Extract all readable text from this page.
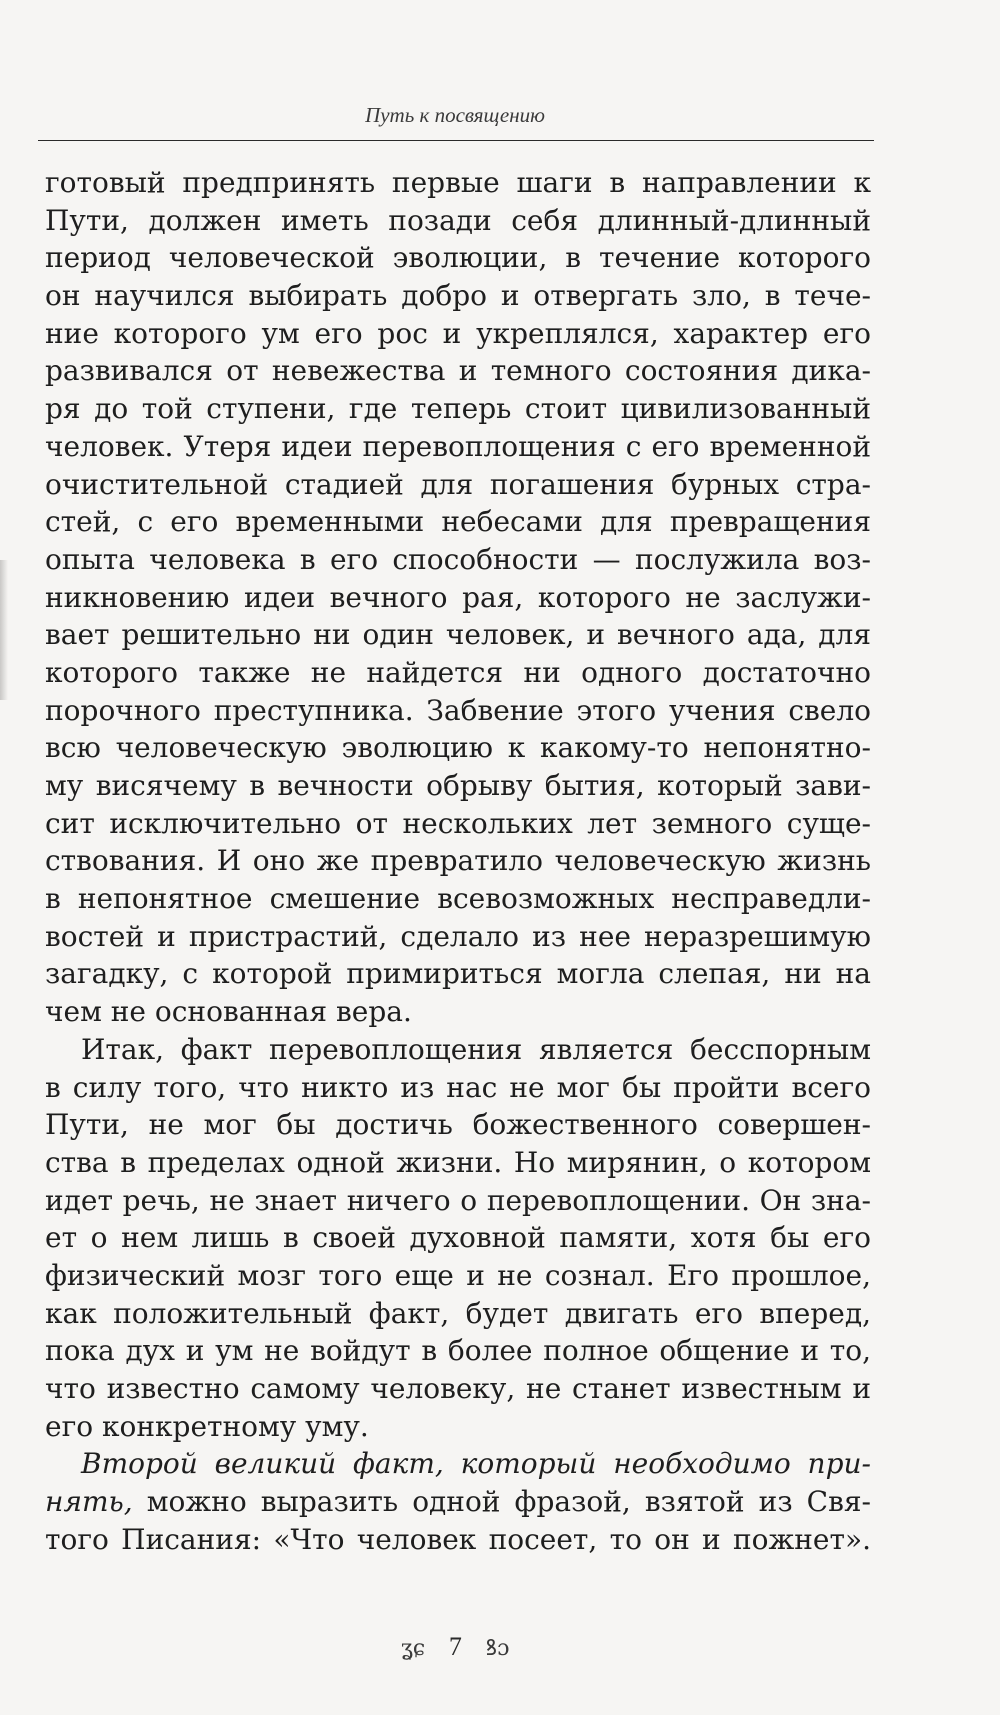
Путь к посвящению
готовый предпринять первые шаги в направлении к
Пути, должен иметь позади себя длинный-длинный
период человеческой эволюции, в течение которого
он научился выбирать добро и отвергать зло, в тече-
ние которого ум его рос и укреплялся, характер его
развивался от невежества и темного состояния дика-
ря до той ступени, где теперь стоит цивилизованный
человек. Утеря идеи перевоплощения с его временной
очистительной стадией для погашения бурных стра-
стей, с его временными небесами для превращения
опыта человека в его способности — послужила воз-
никновению идеи вечного рая, которого не заслужи-
вает решительно ни один человек, и вечного ада, для
которого также не найдется ни одного достаточно
порочного преступника. Забвение этого учения свело
всю человеческую эволюцию к какому-то непонятно-
му висячему в вечности обрыву бытия, который зави-
сит исключительно от нескольких лет земного суще-
ствования. И оно же превратило человеческую жизнь
в непонятное смешение всевозможных несправедли-
востей и пристрастий, сделало из нее неразрешимую
загадку, с которой примириться могла слепая, ни на
чем не основанная вера.
Итак, факт перевоплощения является бесспорным
в силу того, что никто из нас не мог бы пройти всего
Пути, не мог бы достичь божественного совершен-
ства в пределах одной жизни. Но мирянин, о котором
идет речь, не знает ничего о перевоплощении. Он зна-
ет о нем лишь в своей духовной памяти, хотя бы его
физический мозг того еще и не сознал. Его прошлое,
как положительный факт, будет двигать его вперед,
пока дух и ум не войдут в более полное общение и то,
что известно самому человеку, не станет известным и
его конкретному уму.
Второй великий факт, который необходимо при-
нять, можно выразить одной фразой, взятой из Свя-
того Писания: «Что человек посеет, то он и пожнет».
ʓɕ 7 ꝸɔ
